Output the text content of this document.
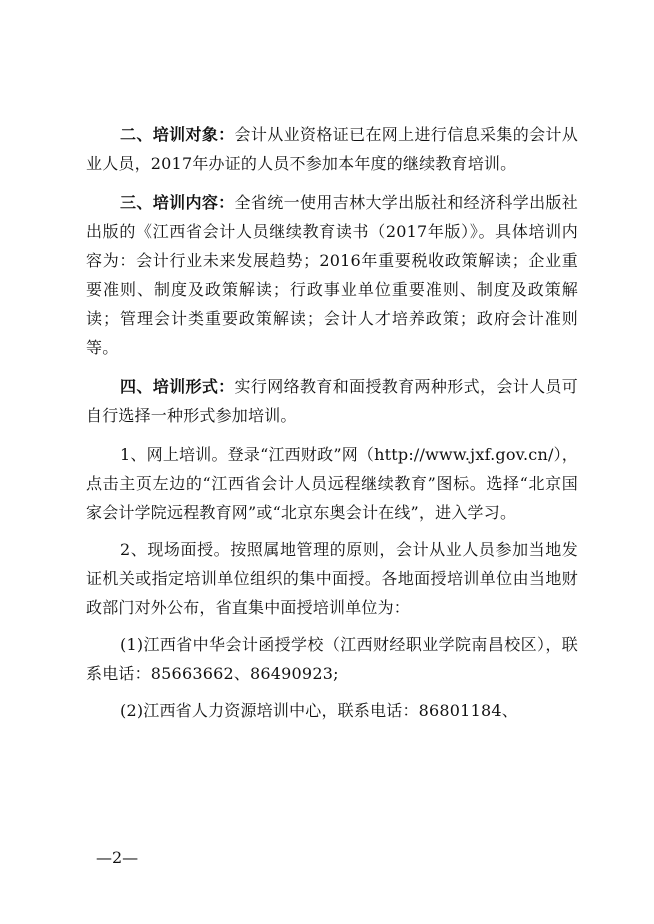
二、培训对象：会计从业资格证已在网上进行信息采集的会计从业人员，2017年办证的人员不参加本年度的继续教育培训。

三、培训内容：全省统一使用吉林大学出版社和经济科学出版社出版的《江西省会计人员继续教育读书（2017年版）》。具体培训内容为：会计行业未来发展趋势；2016年重要税收政策解读；企业重要准则、制度及政策解读；行政事业单位重要准则、制度及政策解读；管理会计类重要政策解读；会计人才培养政策；政府会计准则等。

四、培训形式：实行网络教育和面授教育两种形式，会计人员可自行选择一种形式参加培训。

1、网上培训。登录“江西财政”网（http://www.jxf.gov.cn/），点击主页左边的“江西省会计人员远程继续教育”图标。选择“北京国家会计学院远程教育网”或“北京东奥会计在线”，进入学习。

2、现场面授。按照属地管理的原则，会计从业人员参加当地发证机关或指定培训单位组织的集中面授。各地面授培训单位由当地财政部门对外公布，省直集中面授培训单位为：

(1)江西省中华会计函授学校（江西财经职业学院南昌校区），联系电话：85663662、86490923;

(2)江西省人力资源培训中心，联系电话：86801184、

—2—
